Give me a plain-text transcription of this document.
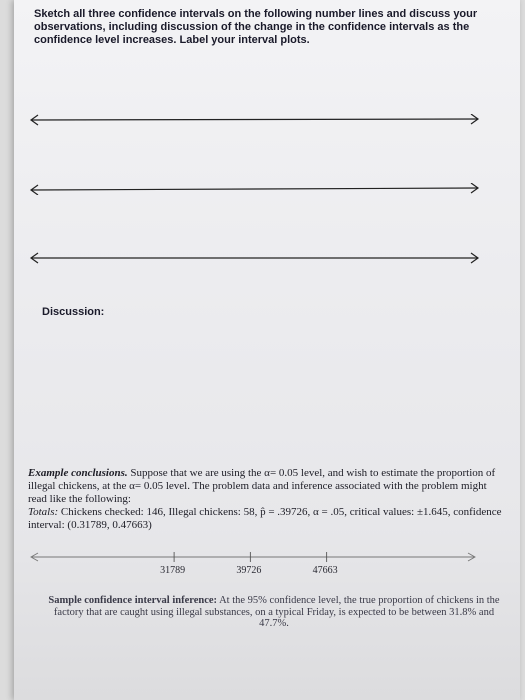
Sketch all three confidence intervals on the following number lines and discuss your observations, including discussion of the change in the confidence intervals as the confidence level increases. Label your interval plots.
Discussion:
Example conclusions. Suppose that we are using the α= 0.05 level, and wish to estimate the proportion of illegal chickens, at the α= 0.05 level. The problem data and inference associated with the problem might read like the following:
Totals: Chickens checked: 146, Illegal chickens: 58, p̂ = .39726, α = .05, critical values: ±1.645, confidence interval: (0.31789, 0.47663)
31789	39726	47663
Sample confidence interval inference: At the 95% confidence level, the true proportion of chickens in the factory that are caught using illegal substances, on a typical Friday, is expected to be between 31.8% and 47.7%.
